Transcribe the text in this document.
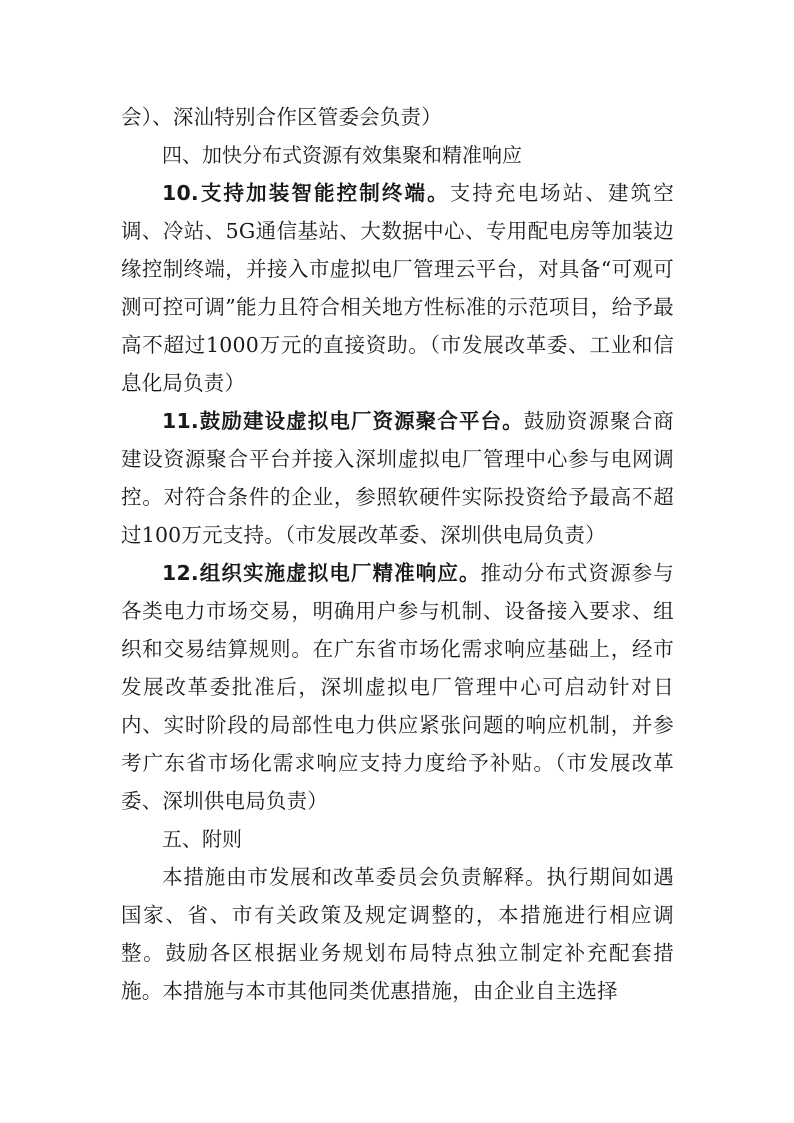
会）、深汕特别合作区管委会负责）

四、加快分布式资源有效集聚和精准响应

10.支持加装智能控制终端。支持充电场站、建筑空调、冷站、5G通信基站、大数据中心、专用配电房等加装边缘控制终端，并接入市虚拟电厂管理云平台，对具备“可观可测可控可调”能力且符合相关地方性标准的示范项目，给予最高不超过1000万元的直接资助。（市发展改革委、工业和信息化局负责）

11.鼓励建设虚拟电厂资源聚合平台。鼓励资源聚合商建设资源聚合平台并接入深圳虚拟电厂管理中心参与电网调控。对符合条件的企业，参照软硬件实际投资给予最高不超过100万元支持。（市发展改革委、深圳供电局负责）

12.组织实施虚拟电厂精准响应。推动分布式资源参与各类电力市场交易，明确用户参与机制、设备接入要求、组织和交易结算规则。在广东省市场化需求响应基础上，经市发展改革委批准后，深圳虚拟电厂管理中心可启动针对日内、实时阶段的局部性电力供应紧张问题的响应机制，并参考广东省市场化需求响应支持力度给予补贴。（市发展改革委、深圳供电局负责）

五、附则

本措施由市发展和改革委员会负责解释。执行期间如遇国家、省、市有关政策及规定调整的，本措施进行相应调整。鼓励各区根据业务规划布局特点独立制定补充配套措施。本措施与本市其他同类优惠措施，由企业自主选择
